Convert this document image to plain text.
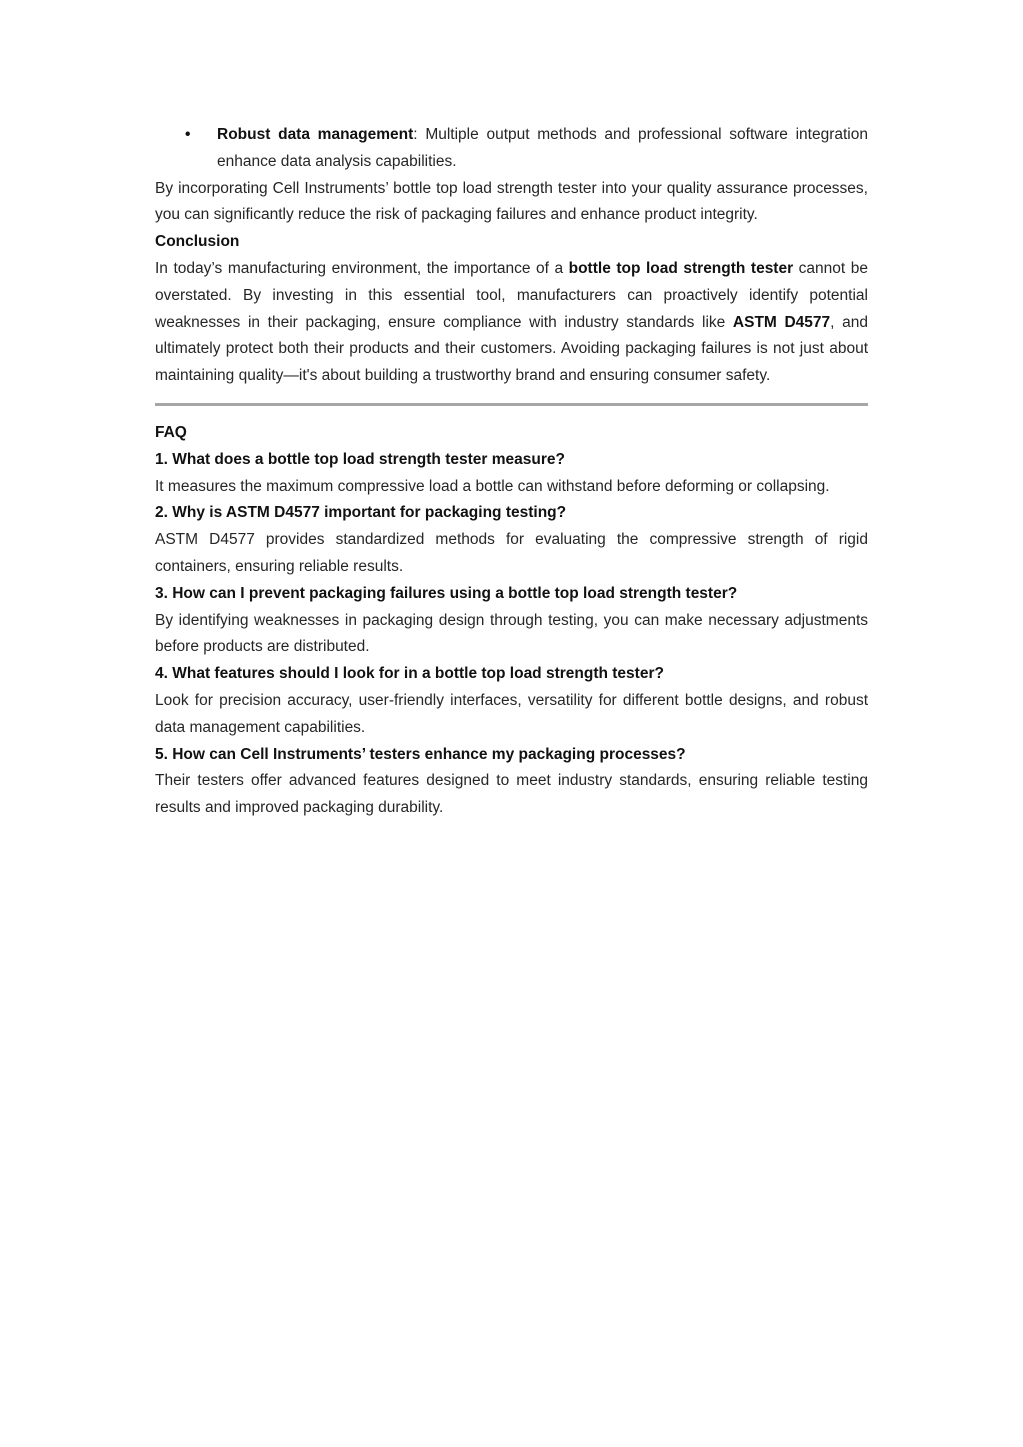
• Robust data management: Multiple output methods and professional software integration enhance data analysis capabilities.

By incorporating Cell Instruments’ bottle top load strength tester into your quality assurance processes, you can significantly reduce the risk of packaging failures and enhance product integrity.

Conclusion

In today’s manufacturing environment, the importance of a bottle top load strength tester cannot be overstated. By investing in this essential tool, manufacturers can proactively identify potential weaknesses in their packaging, ensure compliance with industry standards like ASTM D4577, and ultimately protect both their products and their customers. Avoiding packaging failures is not just about maintaining quality—it's about building a trustworthy brand and ensuring consumer safety.

FAQ

1. What does a bottle top load strength tester measure?

It measures the maximum compressive load a bottle can withstand before deforming or collapsing.

2. Why is ASTM D4577 important for packaging testing?

ASTM D4577 provides standardized methods for evaluating the compressive strength of rigid containers, ensuring reliable results.

3. How can I prevent packaging failures using a bottle top load strength tester?

By identifying weaknesses in packaging design through testing, you can make necessary adjustments before products are distributed.

4. What features should I look for in a bottle top load strength tester?

Look for precision accuracy, user-friendly interfaces, versatility for different bottle designs, and robust data management capabilities.

5. How can Cell Instruments’ testers enhance my packaging processes?

Their testers offer advanced features designed to meet industry standards, ensuring reliable testing results and improved packaging durability.
